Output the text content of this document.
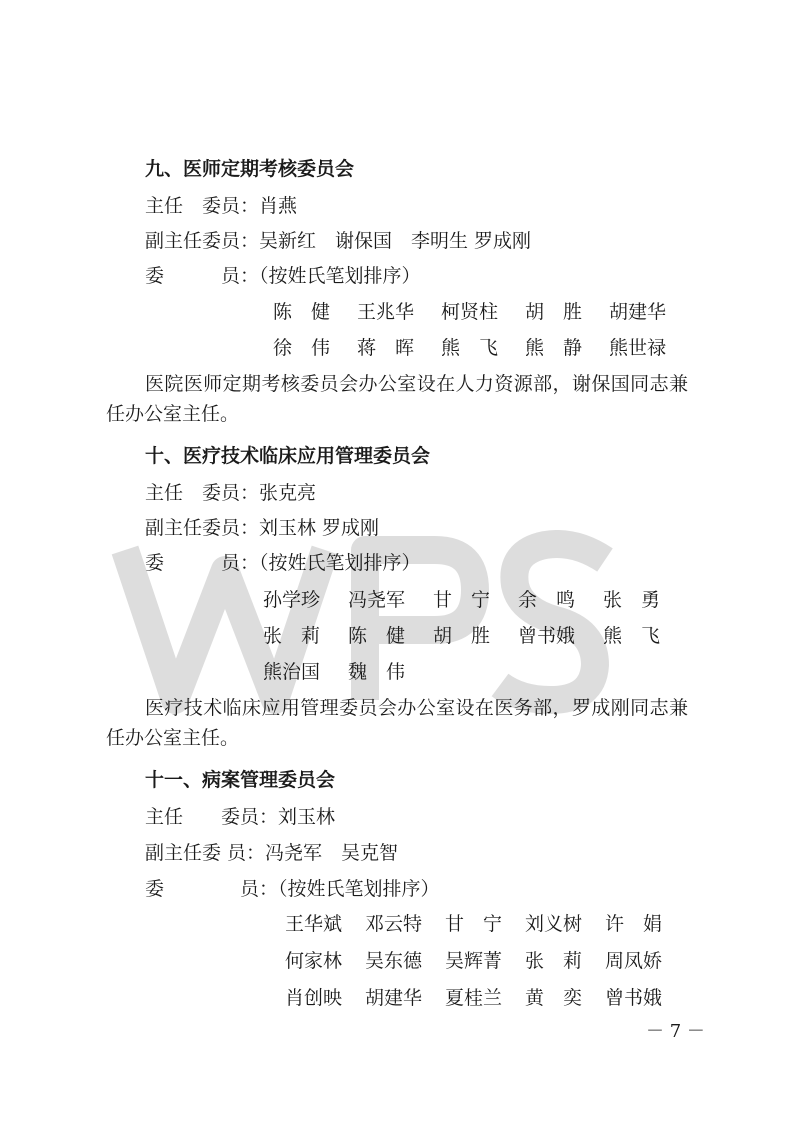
九、医师定期考核委员会
主任　委员：肖燕
副主任委员：吴新红　谢保国　李明生 罗成刚
委　　　员：（按姓氏笔划排序）
陈　健	王兆华	柯贤柱	胡　胜	胡建华
徐　伟	蒋　晖	熊　飞	熊　静	熊世禄
医院医师定期考核委员会办公室设在人力资源部，谢保国同志兼任办公室主任。
十、医疗技术临床应用管理委员会
主任　委员：张克亮
副主任委员：刘玉林 罗成刚
委　　　员：（按姓氏笔划排序）
孙学珍	冯尧军	甘　宁	余　鸣	张　勇
张　莉	陈　健	胡　胜	曾书娥	熊　飞
熊治国	魏　伟
医疗技术临床应用管理委员会办公室设在医务部，罗成刚同志兼任办公室主任。
十一、病案管理委员会
主任　　委员：刘玉林
副主任委 员：冯尧军　吴克智
委　　　　员：（按姓氏笔划排序）
王华斌	邓云特	甘　宁	刘义树	许　娟
何家林	吴东德	吴辉菁	张　莉	周凤娇
肖创映	胡建华	夏桂兰	黄　奕	曾书娥
－ 7 －
